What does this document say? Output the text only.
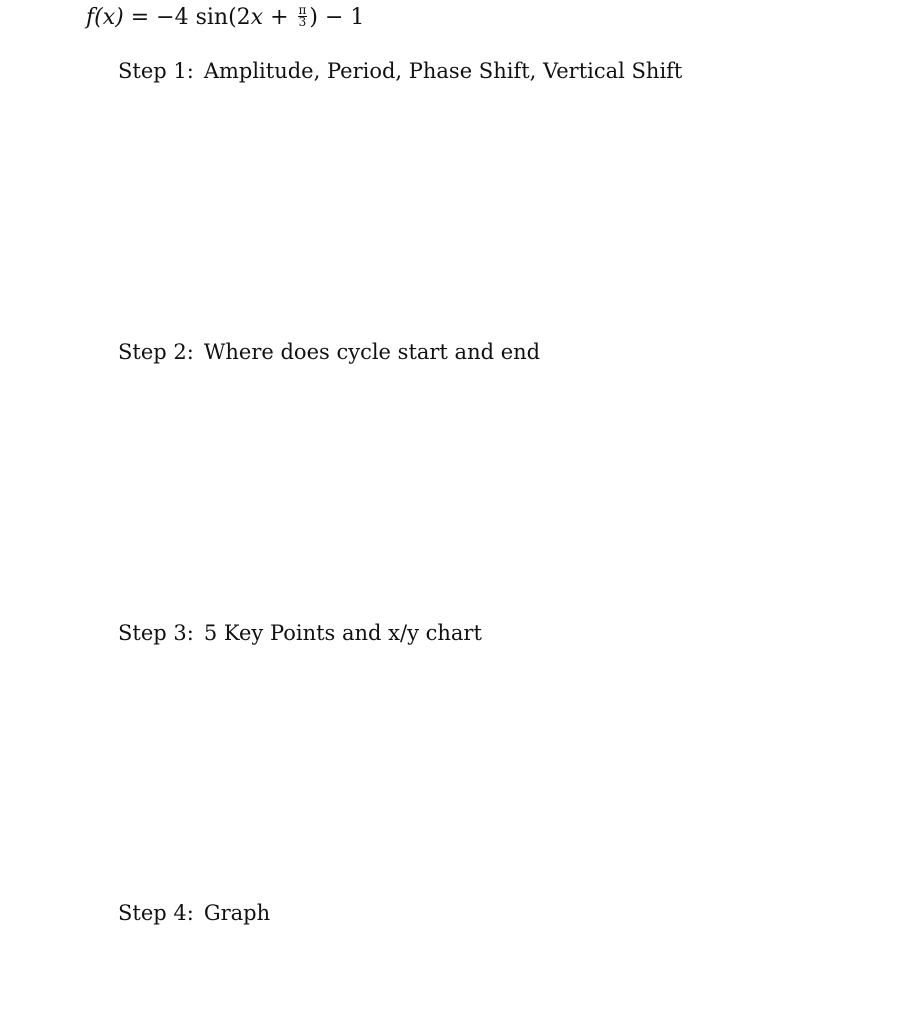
f(x) = −4 $\sin(2x + \frac{\pi}{3}$ ) − 1
Step 1: Amplitude, Period, Phase Shift, Vertical Shift
Step 2: Where does cycle start and end
Step 3: 5 Key Points and x/y chart
Step 4: Graph
